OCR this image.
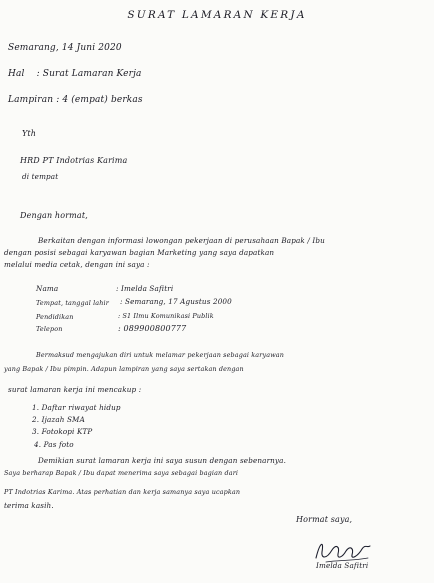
SURAT LAMARAN KERJA
Semarang, 14 Juni 2020
Hal    : Surat Lamaran Kerja
Lampiran : 4 (empat) berkas
Yth
HRD PT Indotrias Karima
di tempat
Dengan hormat,
Berkaitan dengan informasi lowongan pekerjaan di perusahaan Bapak / Ibu
dengan posisi sebagai karyawan bagian Marketing yang saya dapatkan
melalui media cetak, dengan ini saya :
Nama	: Imelda Safitri
Tempat, tanggal lahir : Semarang, 17 Agustus 2000
Pendidikan	: S1 Ilmu Komunikasi Publik
Telepon	: 089900800777
Bermaksud mengajukan diri untuk melamar pekerjaan sebagai karyawan
yang Bapak / Ibu pimpin. Adapun lampiran yang saya sertakan dengan
surat lamaran kerja ini mencakup :
1. Daftar riwayat hidup
2. Ijazah SMA
3. Fotokopi KTP
4. Pas foto
Demikian surat lamaran kerja ini saya susun dengan sebenarnya.
Saya berharap Bapak / Ibu dapat menerima saya sebagai bagian dari
PT Indotrias Karima. Atas perhatian dan kerja samanya saya ucapkan
terima kasih.
Hormat saya,
Imelda Safitri
